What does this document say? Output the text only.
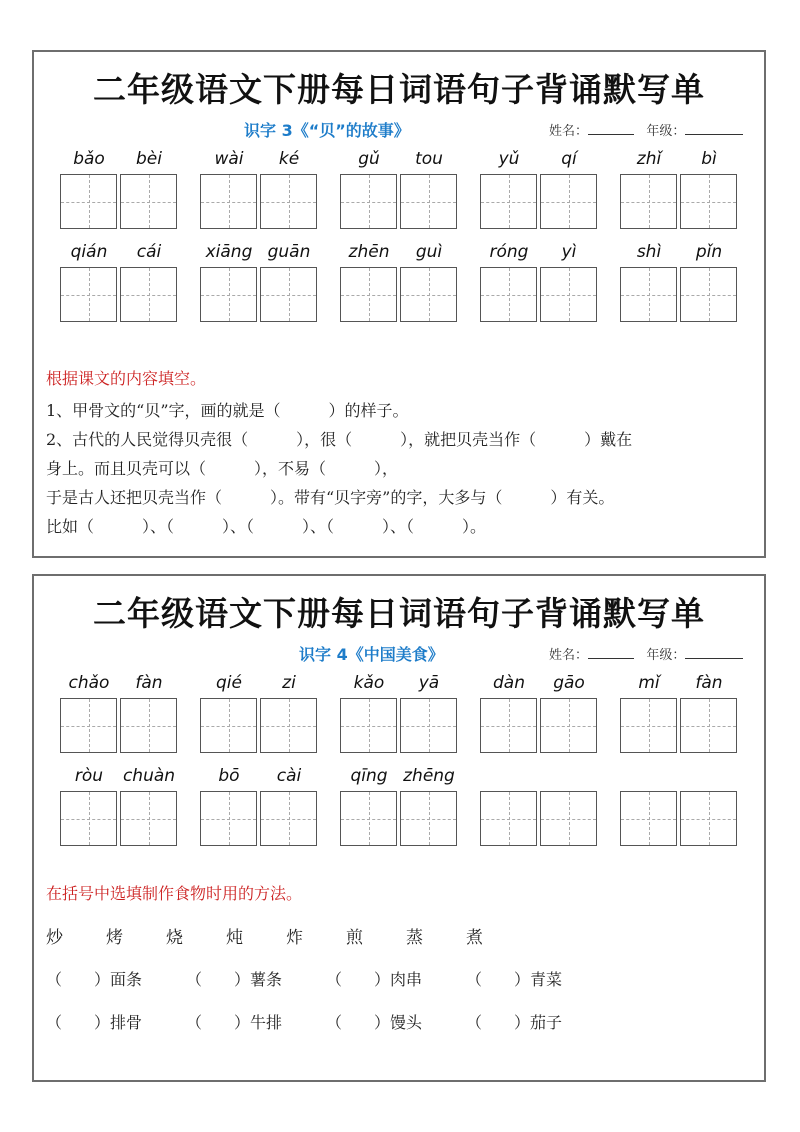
二年级语文下册每日词语句子背诵默写单
识字 3《“贝”的故事》	姓名：	年级：
bǎo	bèi	wài	ké	gǔ	tou	yǔ	qí	zhǐ	bì
qián	cái	xiāng guān	zhēn	guì	róng	yì	shì	pǐn
根据课文的内容填空。
1、甲骨文的“贝”字，画的就是（　　　）的样子。
2、古代的人民觉得贝壳很（　　　），很（　　　），就把贝壳当作（　　　）戴在
身上。而且贝壳可以（　　　），不易（　　　），
于是古人还把贝壳当作（　　　）。带有“贝字旁”的字，大多与（　　　）有关。
比如（　　　）、（　　　）、（　　　）、（　　　）、（　　　）。
二年级语文下册每日词语句子背诵默写单
识字 4《中国美食》	姓名：	年级：
chǎo	fàn	qié	zi	kǎo	yā	dàn	gāo	mǐ	fàn
ròu	chuàn	bō	cài	qīng zhēng
在括号中选填制作食物时用的方法。
炒	烤	烧	炖	炸	煎	蒸	煮
（　　）面条	（　　）薯条	（　　）肉串	（　　）青菜
（　　）排骨	（　　）牛排	（　　）馒头	（　　）茄子
